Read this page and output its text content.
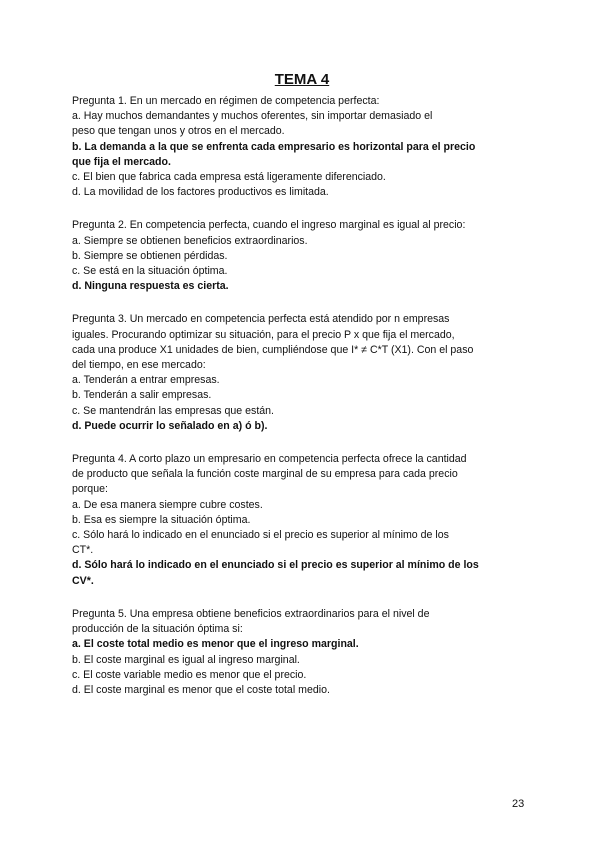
TEMA 4

Pregunta 1. En un mercado en régimen de competencia perfecta:

a. Hay muchos demandantes y muchos oferentes, sin importar demasiado el

peso que tengan unos y otros en el mercado.

b. La demanda a la que se enfrenta cada empresario es horizontal para el precio

que fija el mercado.

c. El bien que fabrica cada empresa está ligeramente diferenciado.

d. La movilidad de los factores productivos es limitada.

Pregunta 2. En competencia perfecta, cuando el ingreso marginal es igual al precio:

a. Siempre se obtienen beneficios extraordinarios.

b. Siempre se obtienen pérdidas.

c. Se está en la situación óptima.

d. Ninguna respuesta es cierta.

Pregunta 3. Un mercado en competencia perfecta está atendido por n empresas

iguales. Procurando optimizar su situación, para el precio P x que fija el mercado,

cada una produce X1 unidades de bien, cumpliéndose que I* ≠ C*T (X1). Con el paso

del tiempo, en ese mercado:

a. Tenderán a entrar empresas.

b. Tenderán a salir empresas.

c. Se mantendrán las empresas que están.

d. Puede ocurrir lo señalado en a) ó b).

Pregunta 4. A corto plazo un empresario en competencia perfecta ofrece la cantidad

de producto que señala la función coste marginal de su empresa para cada precio

porque:

a. De esa manera siempre cubre costes.

b. Esa es siempre la situación óptima.

c. Sólo hará lo indicado en el enunciado si el precio es superior al mínimo de los

CT*.

d. Sólo hará lo indicado en el enunciado si el precio es superior al mínimo de los

CV*.

Pregunta 5. Una empresa obtiene beneficios extraordinarios para el nivel de

producción de la situación óptima si:

a. El coste total medio es menor que el ingreso marginal.

b. El coste marginal es igual al ingreso marginal.

c. El coste variable medio es menor que el precio.

d. El coste marginal es menor que el coste total medio.

23
